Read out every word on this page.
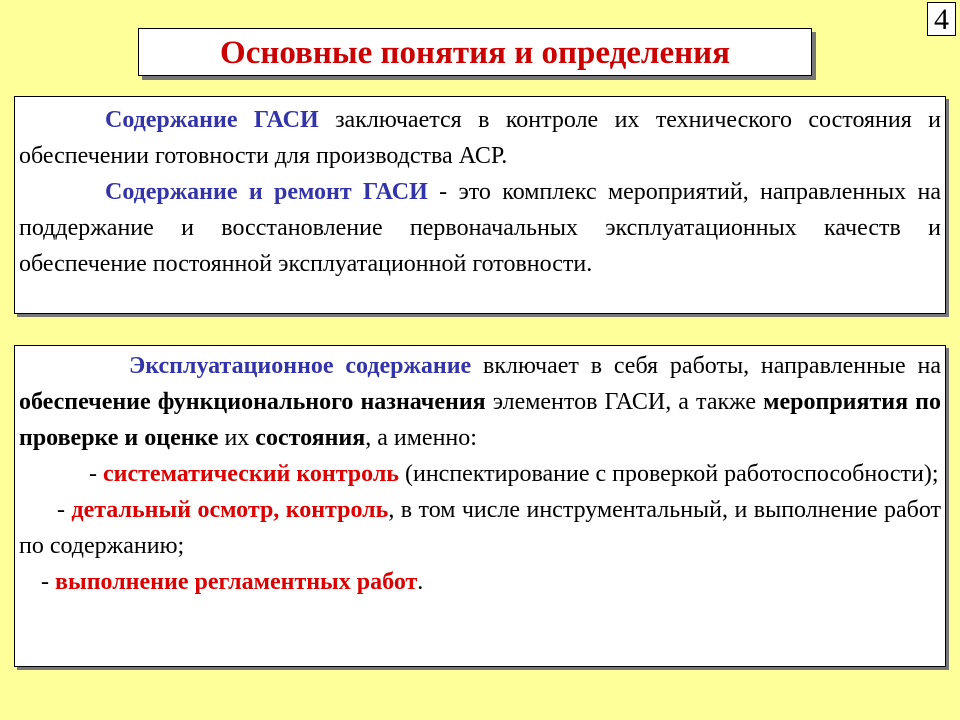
4
Основные понятия и определения

Содержание ГАСИ заключается в контроле их технического состояния и обеспечении готовности для производства АСР.

Содержание и ремонт ГАСИ - это комплекс мероприятий, направленных на поддержание и восстановление первоначальных эксплуатационных качеств и обеспечение постоянной эксплуатационной готовности.

Эксплуатационное содержание включает в себя работы, направленные на обеспечение функционального назначения элементов ГАСИ, а также мероприятия по проверке и оценке их состояния, а именно:

- систематический контроль (инспектирование с проверкой работоспособности);

- детальный осмотр, контроль, в том числе инструментальный, и выполнение работ по содержанию;

- выполнение регламентных работ.
